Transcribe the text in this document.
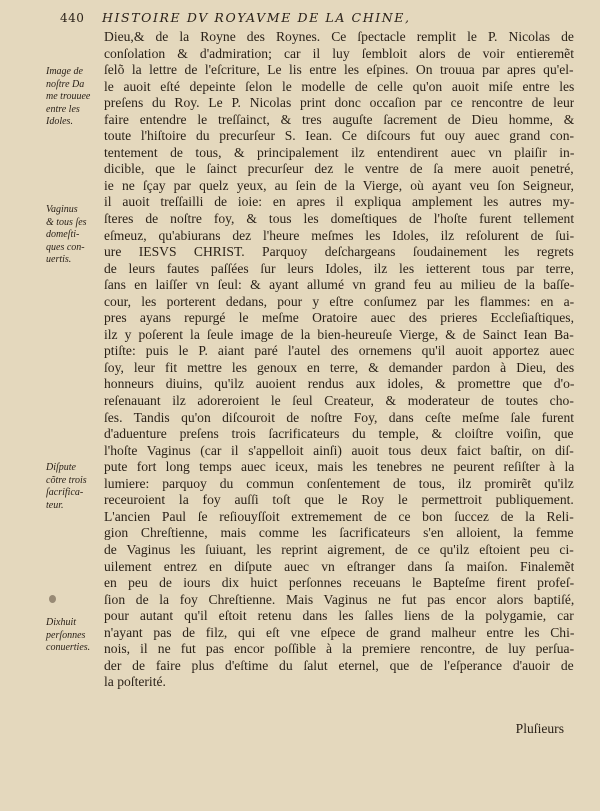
440 HISTOIRE DV ROYAVME DE LA CHINE,
Dieu,& de la Royne des Roynes. Ce ſpectacle remplit le P. Nicolas de
conſolation & d'admiration; car il luy ſembloit alors de voir entieremẽt
ſelõ la lettre de l'eſcriture, Le lis entre les eſpines. On trouua par apres qu'el-
le auoit eſté depeinte ſelon le modelle de celle qu'on auoit miſe entre les
preſens du Roy. Le P. Nicolas print donc occaſion par ce rencontre de leur
faire entendre le treſſainct, & tres auguſte ſacrement de Dieu homme, &
toute l'hiſtoire du precurſeur S. Iean. Ce diſcours fut ouy auec grand con-
tentement de tous, & principalement ilz entendirent auec vn plaiſir in-
dicible, que le ſainct precurſeur dez le ventre de ſa mere auoit penetré,
ie ne ſçay par quelz yeux, au ſein de la Vierge, où ayant veu ſon Seigneur,
il auoit treſſailli de ioie: en apres il expliqua amplement les autres my-
ſteres de noſtre foy, & tous les domeſtiques de l'hoſte furent tellement
eſmeuz, qu'abiurans dez l'heure meſmes les Idoles, ilz reſolurent de ſui-
ure IESVS CHRIST. Parquoy deſchargeans ſoudainement les regrets
de leurs fautes paſſées ſur leurs Idoles, ilz les ietterent tous par terre,
ſans en laiſſer vn ſeul: & ayant allumé vn grand feu au milieu de la baſſe-
cour, les porterent dedans, pour y eſtre conſumez par les flammes: en a-
pres ayans repurgé le meſme Oratoire auec des prieres Eccleſiaſtiques,
ilz y poſerent la ſeule image de la bien-heureuſe Vierge, & de Sainct Iean Ba-
ptiſte: puis le P. aiant paré l'autel des ornemens qu'il auoit apportez auec
ſoy, leur fit mettre les genoux en terre, & demander pardon à Dieu, des
honneurs diuins, qu'ilz auoient rendus aux idoles, & promettre que d'o-
reſenauant ilz adoreroient le ſeul Createur, & moderateur de toutes cho-
ſes. Tandis qu'on diſcouroit de noſtre Foy, dans ceſte meſme ſale furent
d'aduenture preſens trois ſacrificateurs du temple, & cloiſtre voiſin, que
l'hoſte Vaginus (car il s'appelloit ainſi) auoit tous deux faict baſtir, on diſ-
pute fort long temps auec iceux, mais les tenebres ne peurent reſiſter à la
lumiere: parquoy du commun conſentement de tous, ilz promirẽt qu'ilz
receuroient la foy auſſi toſt que le Roy le permettroit publiquement.
L'ancien Paul ſe reſiouyſſoit extremement de ce bon ſuccez de la Reli-
gion Chreſtienne, mais comme les ſacrificateurs s'en alloient, la femme
de Vaginus les ſuiuant, les reprint aigrement, de ce qu'ilz eſtoient peu ci-
uilement entrez en diſpute auec vn eſtranger dans ſa maiſon. Finalemẽt
en peu de iours dix huict perſonnes receuans le Bapteſme firent profeſ-
ſion de la foy Chreſtienne. Mais Vaginus ne fut pas encor alors baptiſé,
pour autant qu'il eſtoit retenu dans les ſalles liens de la polygamie, car
n'ayant pas de filz, qui eſt vne eſpece de grand malheur entre les Chi-
nois, il ne fut pas encor poſſible à la premiere rencontre, de luy perſua-
der de faire plus d'eſtime du ſalut eternel, que de l'eſperance d'auoir de
la poſterité.
Image de
noſtre Da
me trouuee
entre les
Idoles.
Vaginus
& tous ſes
domeſti-
ques con-
uertis.
Diſpute
cõtre trois
ſacrifica-
teur.
Dixhuit
perſonnes
conuerties.
Pluſieurs
